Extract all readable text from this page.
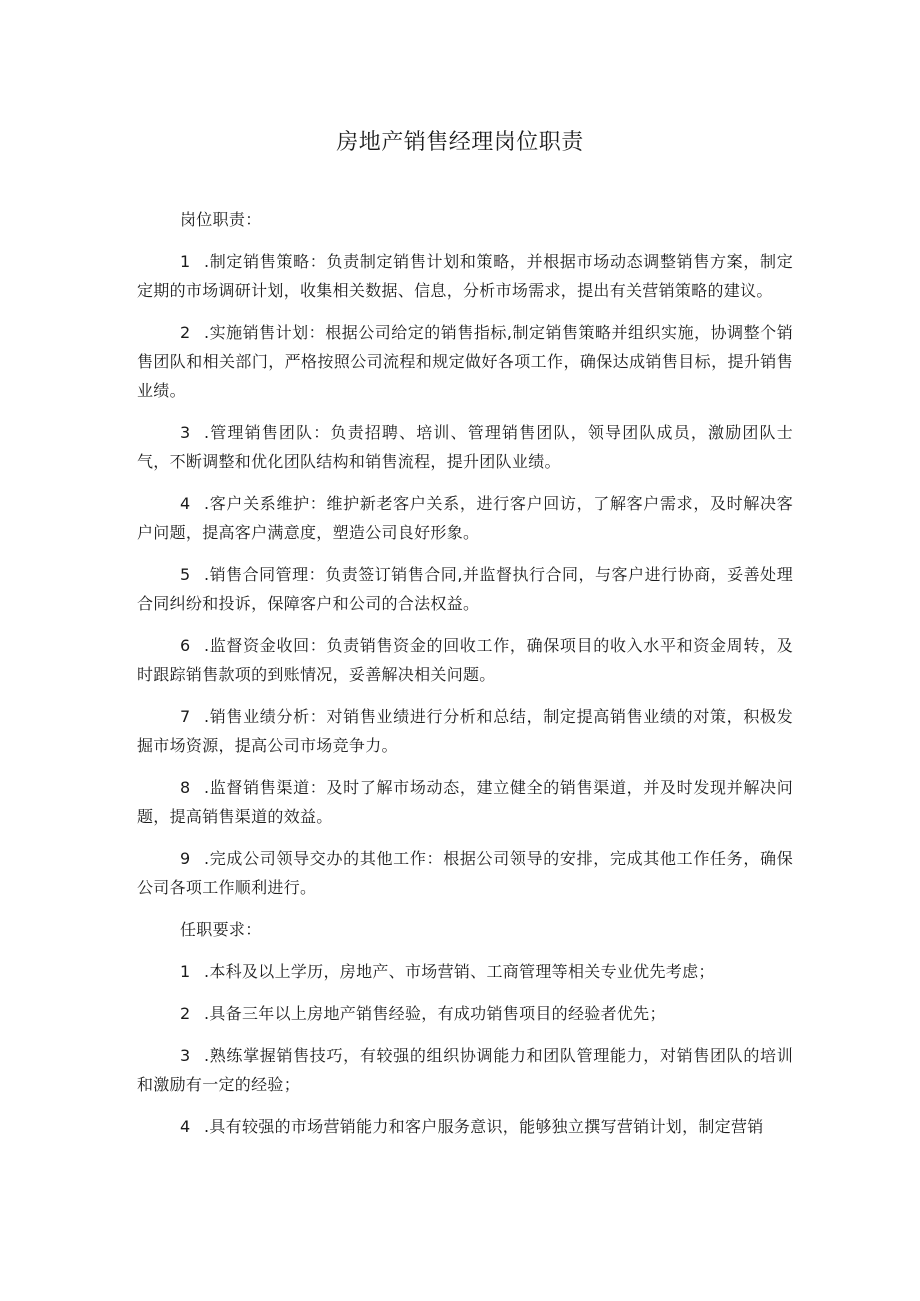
房地产销售经理岗位职责

岗位职责：

1 .制定销售策略：负责制定销售计划和策略，并根据市场动态调整销售方案，制定定期的市场调研计划，收集相关数据、信息，分析市场需求，提出有关营销策略的建议。

2 .实施销售计划：根据公司给定的销售指标,制定销售策略并组织实施，协调整个销售团队和相关部门，严格按照公司流程和规定做好各项工作，确保达成销售目标，提升销售业绩。

3 .管理销售团队：负责招聘、培训、管理销售团队，领导团队成员，激励团队士气，不断调整和优化团队结构和销售流程，提升团队业绩。

4 .客户关系维护：维护新老客户关系，进行客户回访，了解客户需求，及时解决客户问题，提高客户满意度，塑造公司良好形象。

5 .销售合同管理：负责签订销售合同,并监督执行合同，与客户进行协商，妥善处理合同纠纷和投诉，保障客户和公司的合法权益。

6 .监督资金收回：负责销售资金的回收工作，确保项目的收入水平和资金周转，及时跟踪销售款项的到账情况，妥善解决相关问题。

7 .销售业绩分析：对销售业绩进行分析和总结，制定提高销售业绩的对策，积极发掘市场资源，提高公司市场竞争力。

8 .监督销售渠道：及时了解市场动态，建立健全的销售渠道，并及时发现并解决问题，提高销售渠道的效益。

9 .完成公司领导交办的其他工作：根据公司领导的安排，完成其他工作任务，确保公司各项工作顺利进行。

任职要求：

1 .本科及以上学历，房地产、市场营销、工商管理等相关专业优先考虑；

2 .具备三年以上房地产销售经验，有成功销售项目的经验者优先；

3 .熟练掌握销售技巧，有较强的组织协调能力和团队管理能力，对销售团队的培训和激励有一定的经验；

4 .具有较强的市场营销能力和客户服务意识，能够独立撰写营销计划，制定营销
